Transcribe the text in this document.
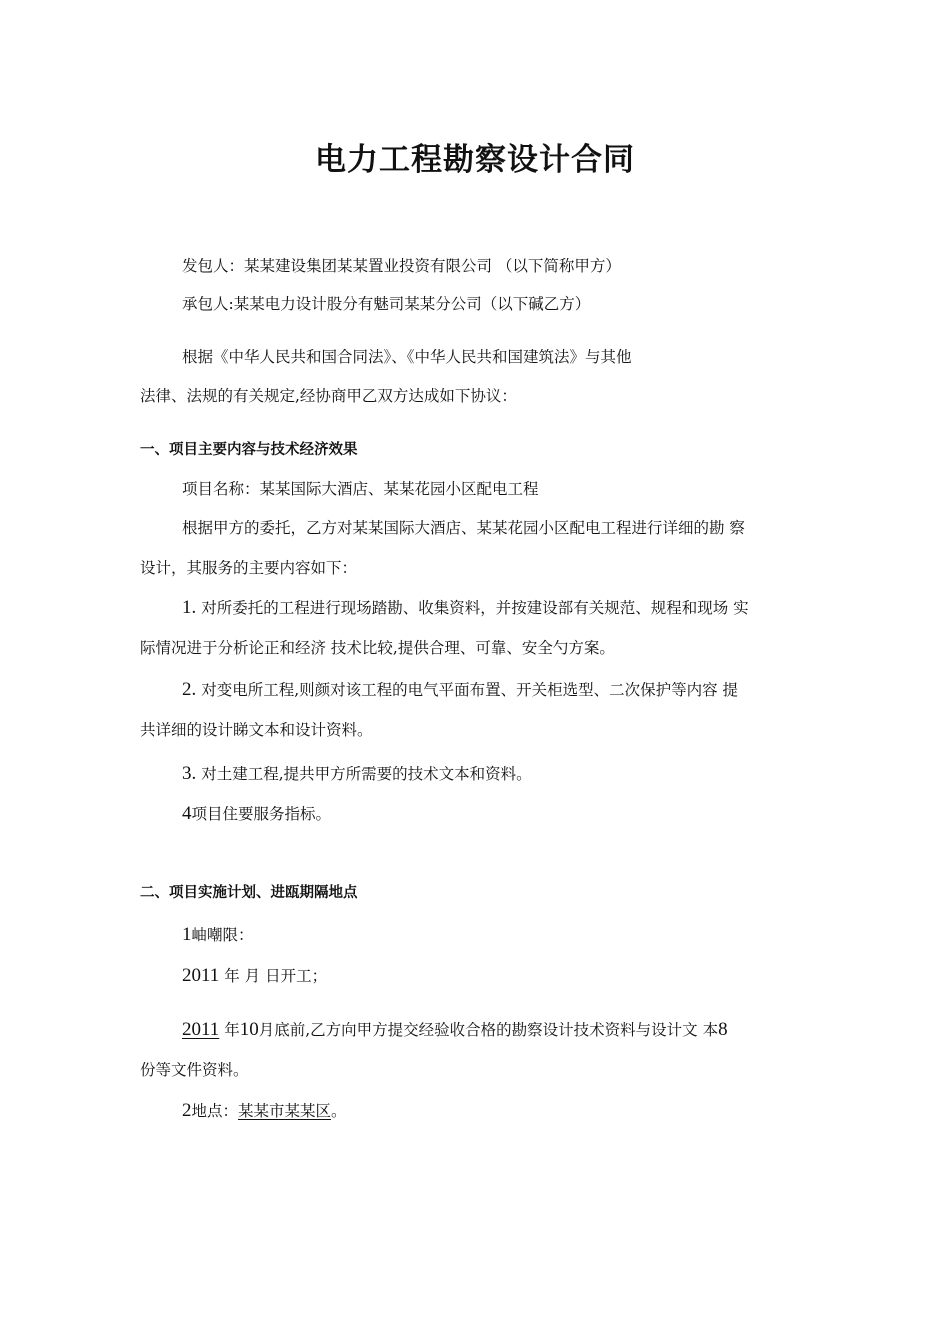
电力工程勘察设计合同
发包人：某某建设集团某某置业投资有限公司 （以下简称甲方）
承包人:某某电力设计股分有魅司某某分公司（以下碱乙方）
根据《中华人民共和国合同法》、《中华人民共和国建筑法》与其他
法律、法规的有关规定,经协商甲乙双方达成如下协议：
一、项目主要内容与技术经济效果
项目名称：某某国际大酒店、某某花园小区配电工程
根据甲方的委托，乙方对某某国际大酒店、某某花园小区配电工程进行详细的勘 察
设计，其服务的主要内容如下：
1. 对所委托的工程进行现场踏勘、收集资料，并按建设部有关规范、规程和现场 实
际情况进于分析论正和经济 技术比较,提供合理、可靠、安全勺方案。
2. 对变电所工程,则颜对该工程的电气平面布置、开关柜选型、二次保护等内容 提
共详细的设计睇文本和设计资料。
3. 对土建工程,提共甲方所需要的技术文本和资料。
4项目住要服务指标。
二、项目实施计划、进瓯期隔地点
1岫嘲限：
2011 年 月 日开工；
2011 年10月底前,乙方向甲方提交经验收合格的勘察设计技术资料与设计文 本8
份等文件资料。
2地点：某某市某某区。
